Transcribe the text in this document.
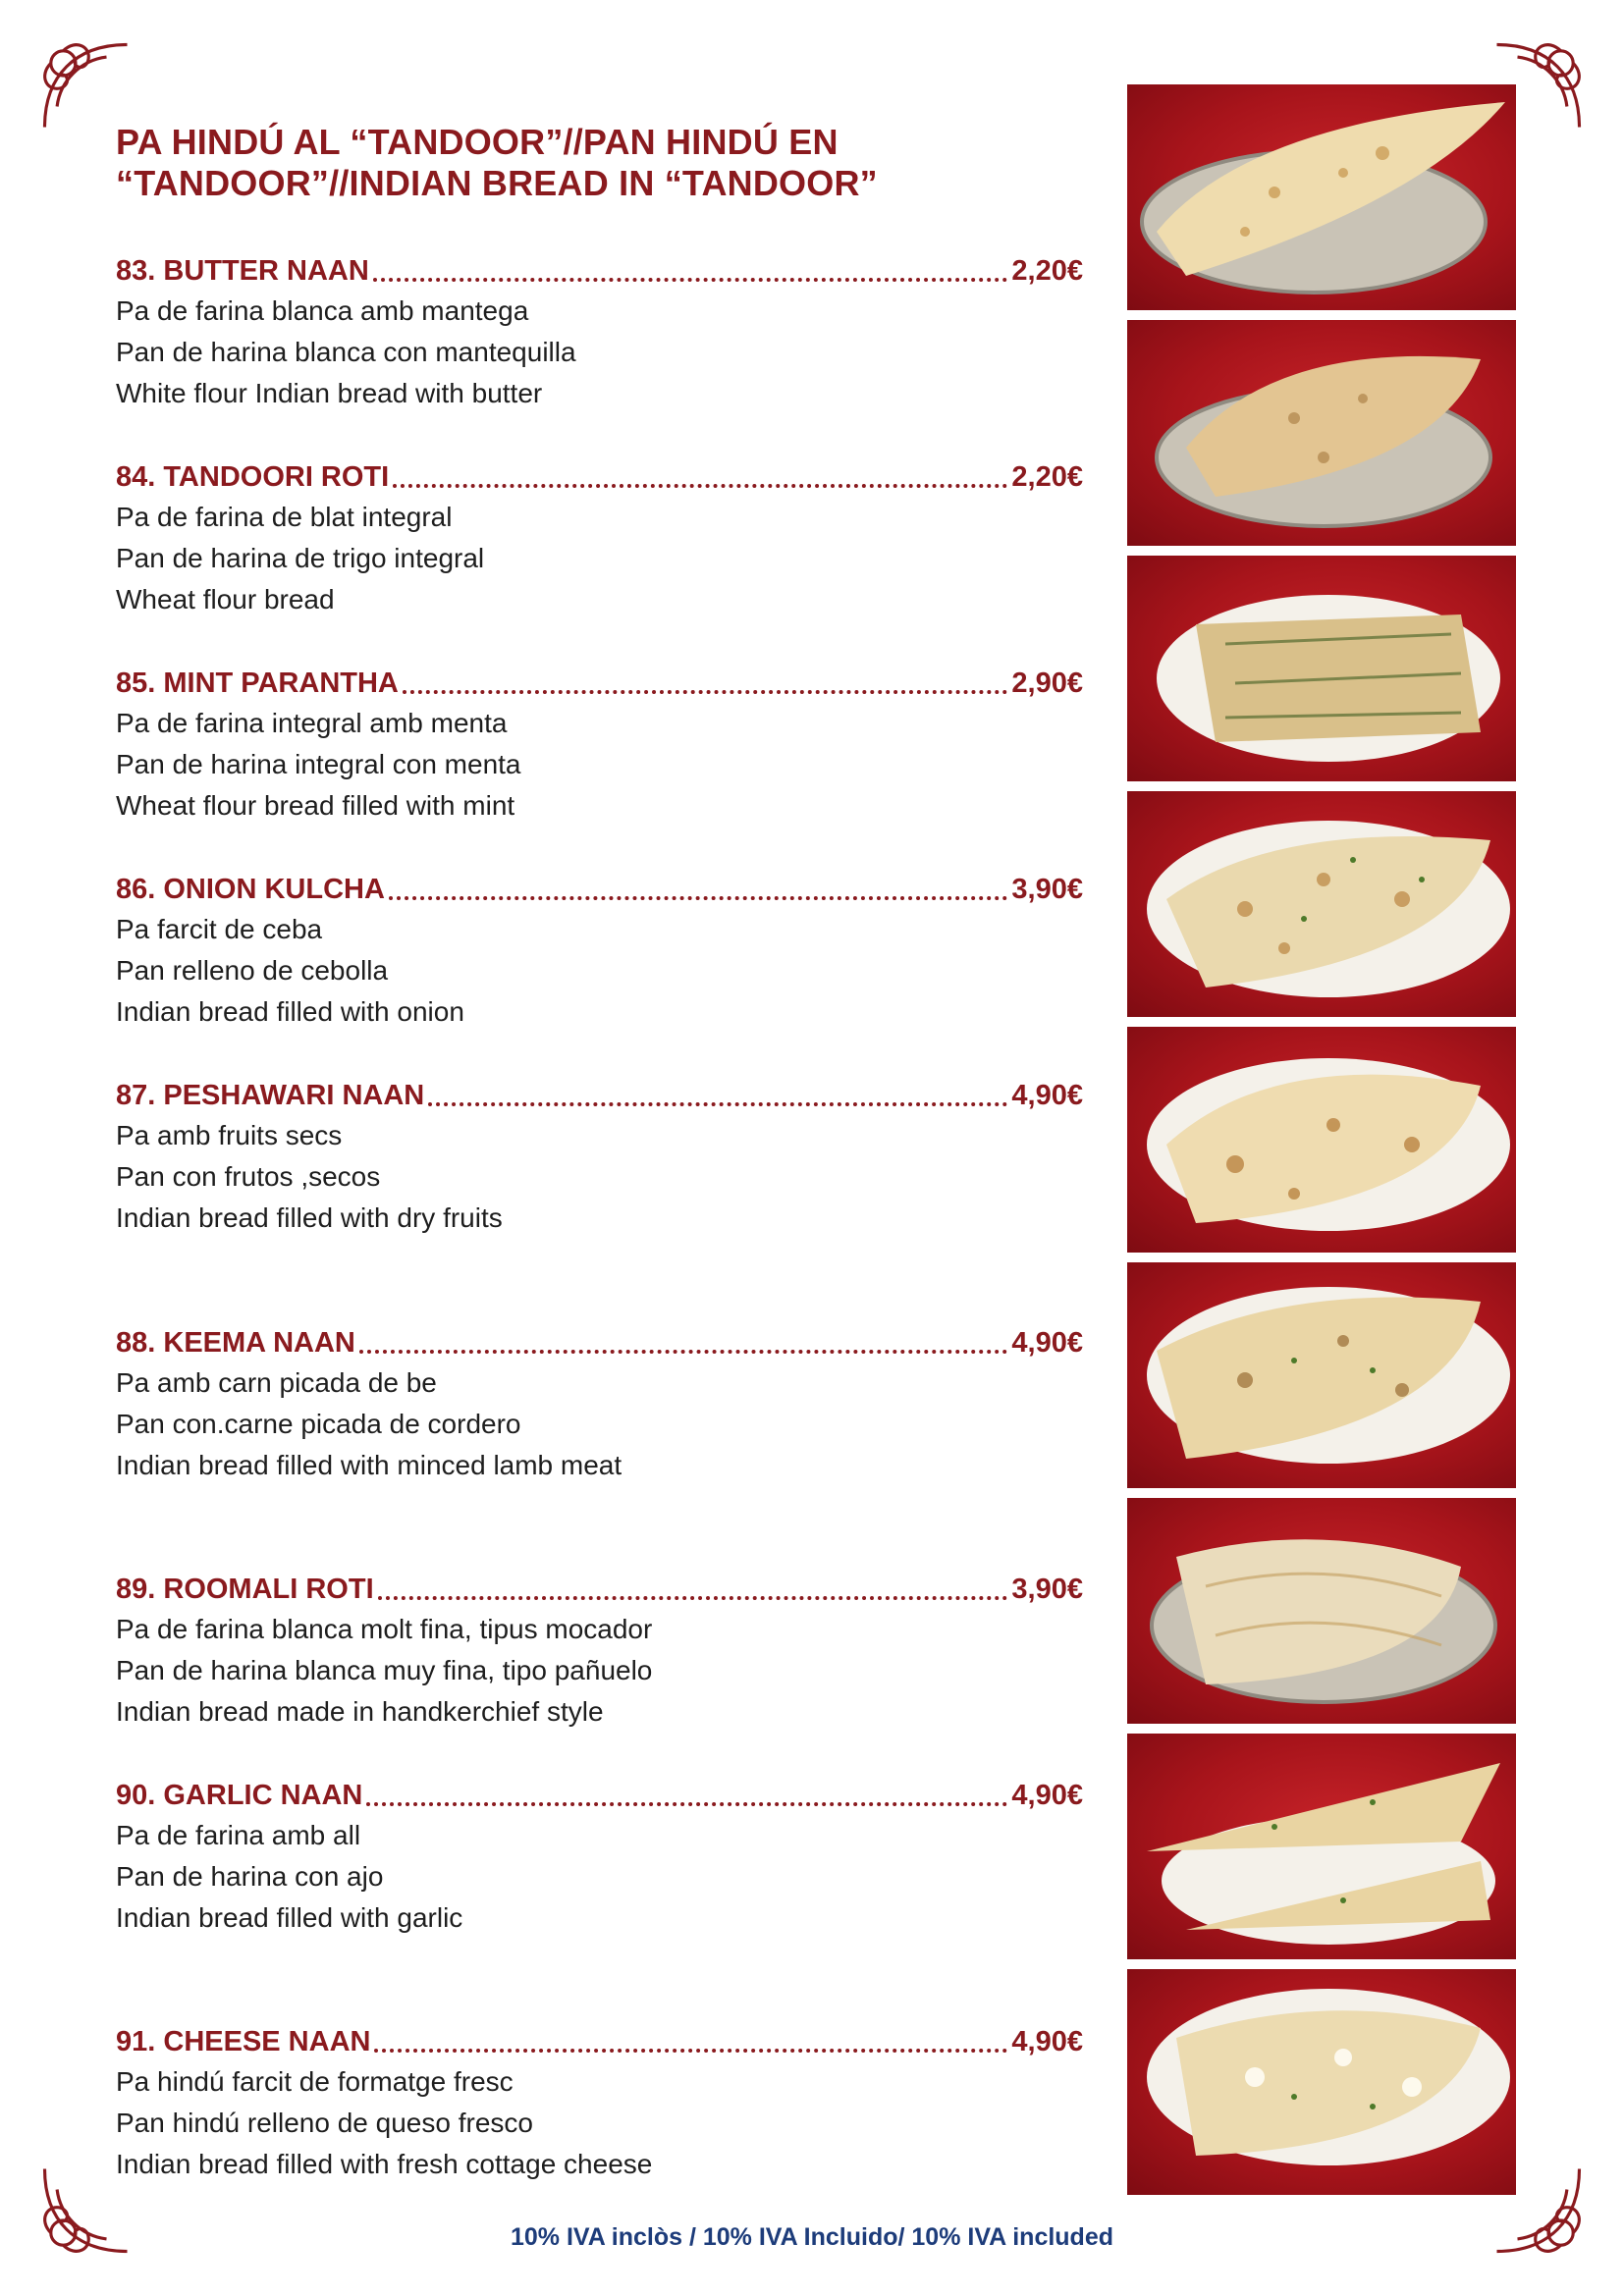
PA HINDÚ AL “TANDOOR”//PAN HINDÚ EN
“TANDOOR”//INDIAN BREAD IN “TANDOOR”
83. BUTTER NAAN	2,20€
Pa de farina blanca amb mantega
Pan de harina blanca con mantequilla
White flour Indian bread with butter
84. TANDOORI ROTI	2,20€
Pa de farina de blat integral
Pan de harina de trigo integral
Wheat flour bread
85. MINT PARANTHA	2,90€
Pa de farina integral amb menta
Pan de harina integral con menta
Wheat flour bread filled with mint
86. ONION KULCHA	3,90€
Pa farcit de ceba
Pan relleno de cebolla
Indian bread filled with onion
87. PESHAWARI NAAN	4,90€
Pa amb fruits secs
Pan con frutos ,secos
Indian bread filled with dry fruits
88. KEEMA NAAN	4,90€
Pa amb carn picada de be
Pan con.carne picada de cordero
Indian bread filled with minced lamb meat
89. ROOMALI ROTI	3,90€
Pa de farina blanca molt fina, tipus mocador
Pan de harina blanca muy fina, tipo pañuelo
Indian bread made in handkerchief style
90. GARLIC NAAN	4,90€
Pa de farina amb all
Pan de harina con ajo
Indian bread filled with garlic
91. CHEESE NAAN	4,90€
Pa hindú farcit de formatge fresc
Pan hindú relleno de queso fresco
Indian bread filled with fresh cottage cheese

10% IVA inclòs / 10% IVA Incluido/ 10% IVA included
